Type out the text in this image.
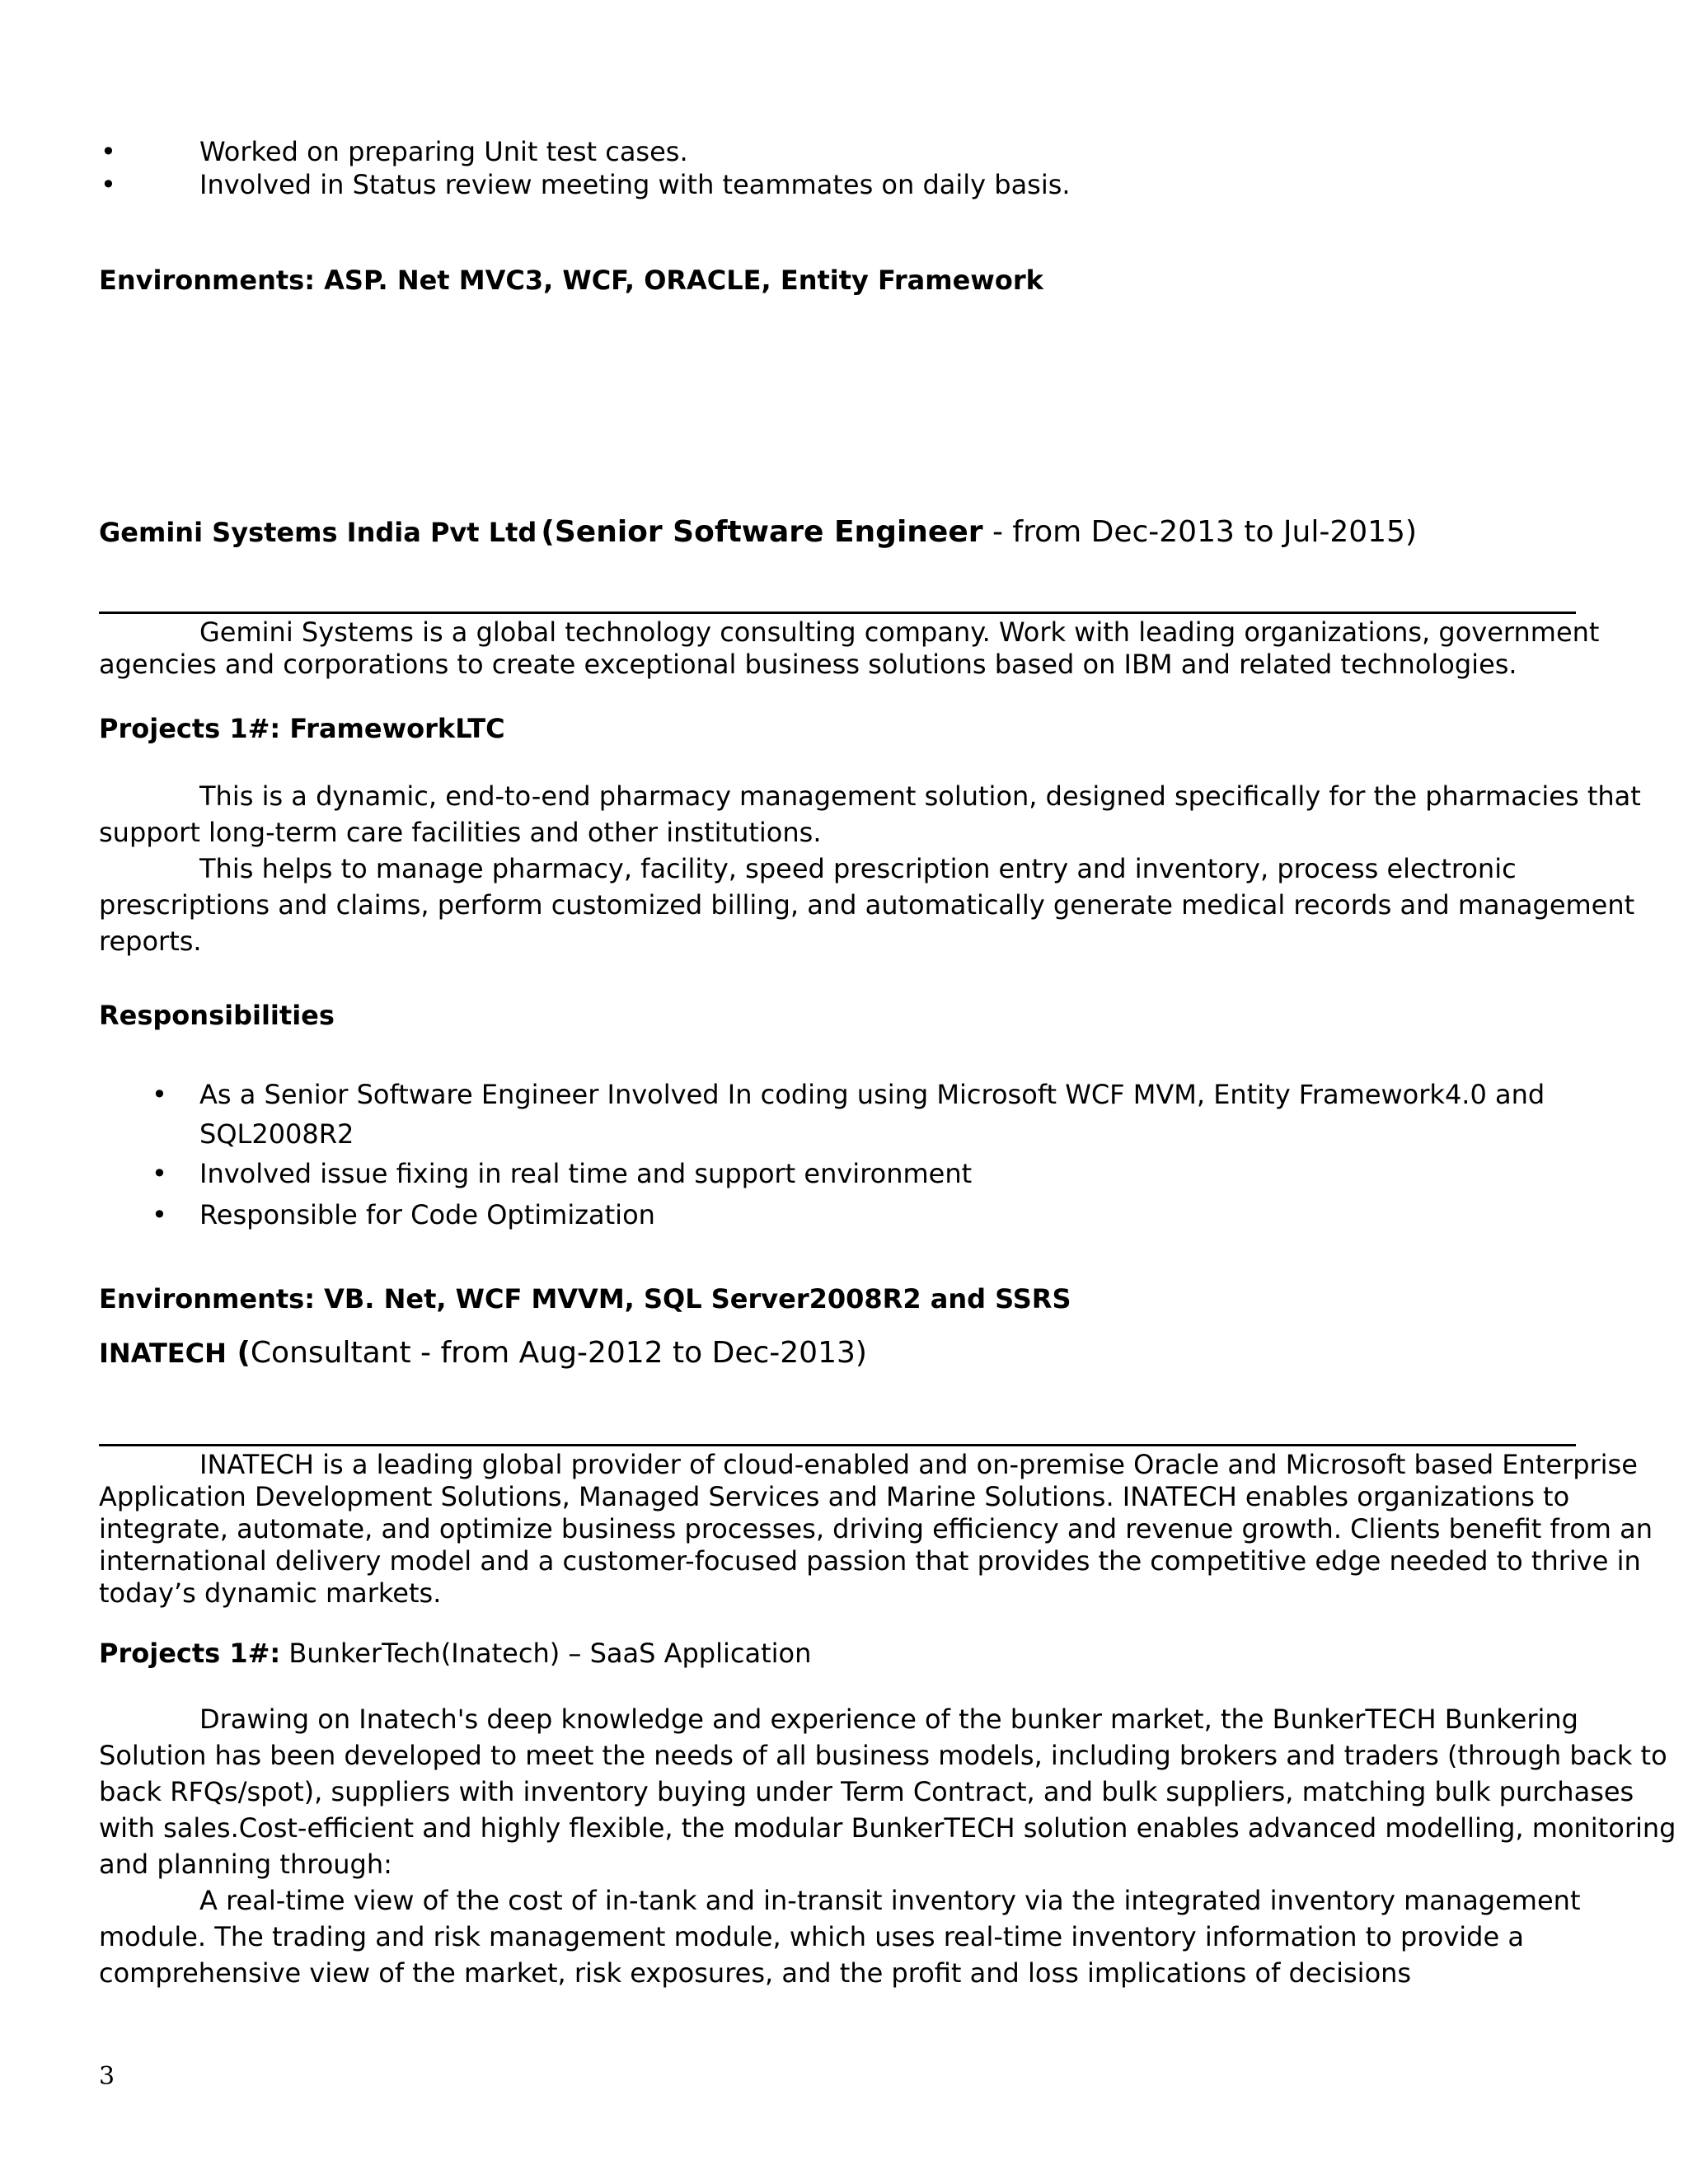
•	Worked on preparing Unit test cases.
•	Involved in Status review meeting with teammates on daily basis.
Environments: ASP. Net MVC3, WCF, ORACLE, Entity Framework
Gemini Systems India Pvt Ltd (Senior Software Engineer - from Dec-2013 to Jul-2015)
Gemini Systems is a global technology consulting company. Work with leading organizations, government
agencies and corporations to create exceptional business solutions based on IBM and related technologies.
Projects 1#: FrameworkLTC
This is a dynamic, end-to-end pharmacy management solution, designed specifically for the pharmacies that
support long-term care facilities and other institutions.
This helps to manage pharmacy, facility, speed prescription entry and inventory, process electronic
prescriptions and claims, perform customized billing, and automatically generate medical records and management
reports.
Responsibilities
• As a Senior Software Engineer Involved In coding using Microsoft WCF MVM, Entity Framework4.0 and
SQL2008R2
• Involved issue fixing in real time and support environment
• Responsible for Code Optimization
Environments: VB. Net, WCF MVVM, SQL Server2008R2 and SSRS
INATECH (Consultant - from Aug-2012 to Dec-2013)
INATECH is a leading global provider of cloud-enabled and on-premise Oracle and Microsoft based Enterprise
Application Development Solutions, Managed Services and Marine Solutions. INATECH enables organizations to
integrate, automate, and optimize business processes, driving efficiency and revenue growth. Clients benefit from an
international delivery model and a customer-focused passion that provides the competitive edge needed to thrive in
today’s dynamic markets.
Projects 1#: BunkerTech(Inatech) – SaaS Application
Drawing on Inatech's deep knowledge and experience of the bunker market, the BunkerTECH Bunkering
Solution has been developed to meet the needs of all business models, including brokers and traders (through back to
back RFQs/spot), suppliers with inventory buying under Term Contract, and bulk suppliers, matching bulk purchases
with sales.Cost-efficient and highly flexible, the modular BunkerTECH solution enables advanced modelling, monitoring
and planning through:
A real-time view of the cost of in-tank and in-transit inventory via the integrated inventory management
module. The trading and risk management module, which uses real-time inventory information to provide a
comprehensive view of the market, risk exposures, and the profit and loss implications of decisions
3
